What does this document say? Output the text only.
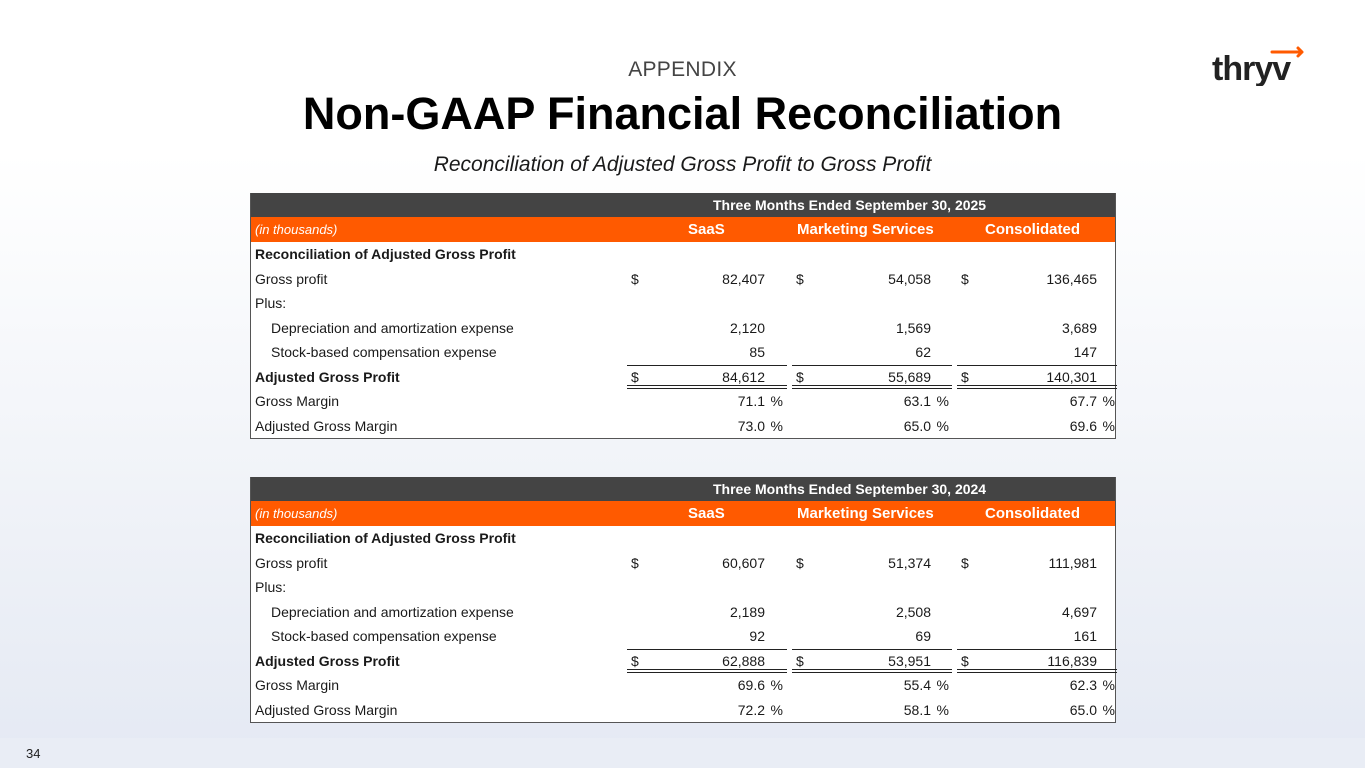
34
thryv
APPENDIX
Non-GAAP Financial Reconciliation
Reconciliation of Adjusted Gross Profit to Gross Profit
Three Months Ended September 30, 2025
(in thousands)	SaaS	Marketing Services	Consolidated
Reconciliation of Adjusted Gross Profit
Gross profit	$	82,407 $	54,058 $	136,465
Plus:
Depreciation and amortization expense	2,120	1,569	3,689
Stock-based compensation expense	85	62	147
Adjusted Gross Profit	$	84,612 $	55,689 $	140,301
Gross Margin	71.1 %	63.1 %	67.7 %
Adjusted Gross Margin	73.0 %	65.0 %	69.6 %
Three Months Ended September 30, 2024
(in thousands)	SaaS	Marketing Services	Consolidated
Reconciliation of Adjusted Gross Profit
Gross profit	$	60,607 $	51,374 $	111,981
Plus:
Depreciation and amortization expense	2,189	2,508	4,697
Stock-based compensation expense	92	69	161
Adjusted Gross Profit	$	62,888 $	53,951 $	116,839
Gross Margin	69.6 %	55.4 %	62.3 %
Adjusted Gross Margin	72.2 %	58.1 %	65.0 %
